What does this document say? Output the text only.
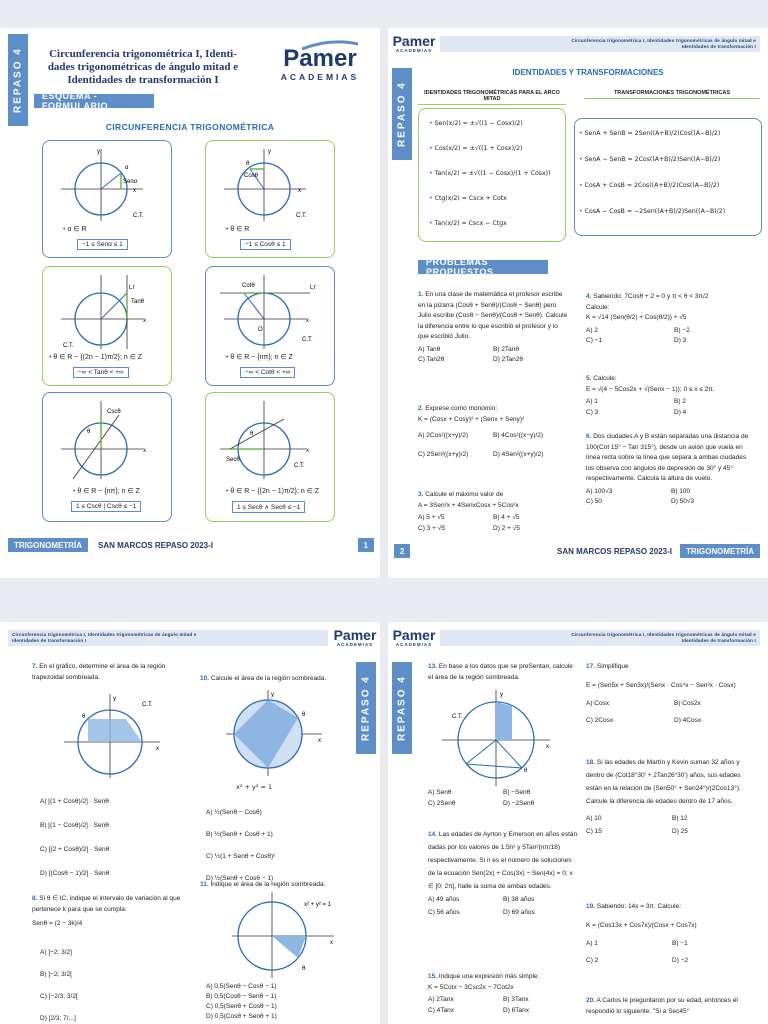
REPASO 4	Circunferencia trigonométrica I, Identi-
dades trigonométricas de ángulo mitad e
Identidades de transformación I
Pamer
ACADEMIAS
ESQUEMA - FORMULARIO
CIRCUNFERENCIA TRIGONOMÉTRICA
x
y
α
Senα
C.T.
• α ∈ R
−1 ≤ Senα ≤ 1
x
y
θ
Cosθ
C.T.
• θ ∈ R
−1 ≤ Cosθ ≤ 1
Lᴛ
Tanθ
x
C.T.
• θ ∈ R − {(2n − 1)π/2}; n ∈ Z
−∞ < Tanθ < +∞
Cotθ	Lᴛ
O
C.T.
x
• θ ∈ R − {nπ}; n ∈ Z
−∞ < Cotθ < +∞
Cscθ
θ
x
• θ ∈ R − {nπ}; n ∈ Z
1 ≤ Cscθ | Cscθ ≤ −1
Secθ
θ
C.T.
x
• θ ∈ R − {(2n − 1)π/2}; n ∈ Z
1 ≤ Secθ ∧ Secθ ≤ −1
TRIGONOMETRÍA	SAN MARCOS REPASO 2023-I	1
Pamer
ACADEMIAS
Circunferencia trigonométrica I, Identidades trigonométricas de ángulo mitad e
Identidades de transformación I
REPASO 4
IDENTIDADES Y TRANSFORMACIONES
IDENTIDADES TRIGONOMÉTRICAS PARA EL ARCO MITAD
TRANSFORMACIONES TRIGONOMÉTRICAS
• Sen(x/2) = ±√((1 − Cosx)/2)
• Cos(x/2) = ±√((1 + Cosx)/2)
• Tan(x/2) = ±√((1 − Cosx)/(1 + Cosx))
• Ctg(x/2) = Cscx + Cotx
• Tan(x/2) = Cscx − Ctgx
• SenA + SenB = 2Sen((A+B)/2)Cos((A−B)/2)
• SenA − SenB = 2Cos((A+B)/2)Sen((A−B)/2)
• CosA + CosB = 2Cos((A+B)/2)Cos((A−B)/2)
• CosA − CosB = −2Sen((A+B)/2)Sen((A−B)/2)
PROBLEMAS PROPUESTOS
1. En una clase de matemática el profesor escribe en la pizarra (Cosθ + Senθ)/(Cosθ − Senθ) pero Julio escribe (Cosθ − Senθ)/(Cosθ + Senθ). Calcule la diferencia entre lo que escribió el profesor y lo que escribió Julio.
A) Tanθ	B) 2Tanθ
C) Tan2θ	D) 2Tan2θ
2. Exprese como monomio:
K = (Cosx + Cosy)² + (Senx + Seny)²
A) 2Cos²((x+y)/2)	B) 4Cos²((x−y)/2)
C) 2Sen²((x+y)/2)	D) 4Sen²((x+y)/2)
3. Calcule el máximo valor de
A = 3Sen²x + 4SenxCosx + 5Cos²x
A) 5 + √5	B) 4 + √5
C) 3 + √5	D) 2 + √5
4. Sabiendo: 7Cosθ + 2 = 0 y π < θ < 3π/2
Calcule:
K = √14 (Sen(θ/2) + Cos(θ/2)) + √5
A) 2	B) −2
C) −1	D) 3
5. Calcule:
E = √(4 − 5Cos2x + √(Senx − 1)); 0 ≤ x ≤ 2π.
A) 1	B) 2
C) 3	D) 4
6. Dos ciudades A y B están separadas una distancia de 100(Cot 15° − Tan 315°), desde un avión que vuela en línea recta sobre la línea que separa a ambas ciudades los observa con ángulos de depresión de 30° y 45° respectivamente. Calcula la altura de vuelo.
A) 100√3	B) 100
C) 50	D) 50√3
2	SAN MARCOS REPASO 2023-I	TRIGONOMETRÍA
Circunferencia trigonométrica I, Identidades trigonométricas de ángulo mitad e
Identidades de transformación I	Pamer
ACADEMIAS
REPASO 4
7. En el gráfico, determine el área de la región trapezoidal sombreada.
θ
C.T.
x
y
A) [(1 + Cosθ)/2] · Senθ
B) [(1 − Cosθ)/2] · Senθ
C) [(2 + Cosθ)/2] · Senθ
D) [(Cosθ − 1)/2] · Senθ
8. Si θ ∈ IC, indique el intervalo de variación al que pertenece k para que se cumpla:
Senθ = (2 − 3k)/4
A) ]−2; 3/2]
B) ]−2; 3/2[
C) ]−2/3; 3/2[
D) [2/3; 7/...]
10. Calcule el área de la región sombreada.
θ
x
y
x² + y² = 1
A) ½(Senθ − Cosθ)
B) ½(Senθ + Cosθ + 1)
C) ½(1 + Senθ + Cosθ)²
D) ½(Senθ + Cosθ − 1)
11. Indique el área de la región sombreada:
θ
x
x² + y² = 1
A) 0,5(Senθ − Cosθ − 1)
B) 0,5(Cosθ − Senθ − 1)
C) 0,5(Senθ + Cosθ − 1)
D) 0,5(Cosθ + Senθ + 1)
Pamer
ACADEMIAS
Circunferencia trigonométrica I, Identidades trigonométricas de ángulo mitad e
Identidades de transformación I
REPASO 4
13. En base a los datos que se preSentan, calcule el área de la región sombreada.
C.T.
x
y
θ
A) Senθ	B) −Senθ
C) 2Senθ	D) −2Senθ
14. Las edades de Ayrton y Emerson en años están dadas por los valores de 1.5n² y 5Tan²(nπ/18) respectivamente. Si n es el número de soluciones de la ecuación Sen(2x) + Cos(3x) − Sen(4x) = 0; x ∈ [0; 2π], halle la suma de ambas edades.
A) 49 años	B) 38 años
C) 56 años	D) 69 años
15. Indique una expresión más simple:
K = 5Cotx − 3Csc2x − 7Cot2x
A) 2Tanx	B) 3Tanx
C) 4Tanx	D) 6Tanx
17. Simplifique
E = (Sen5x + Sen3x)/(Senx · Cos⁴x − Sen³x · Cosx)
A) Cosx	B) Cos2x
C) 2Cosx	D) 4Cosx
18. Si las edades de Martín y Kevin suman 32 años y dentro de (Cot18°30' + 2Tan26°30') años, sus edades están en la relación de (Sen50° + Sen24°)/(2Cos13°). Calcule la diferencia de edades dentro de 17 años.
A) 10	B) 12
C) 15	D) 25
19. Sabiendo: 14x = 3π. Calcule:
K = (Cos13x + Cos7x)/(Cosx + Cos7x)
A) 1	B) −1
C) 2	D) −2
20. A Carlos le preguntaron por su edad, entonces él respondió lo siguiente: "Si a Sec45°
